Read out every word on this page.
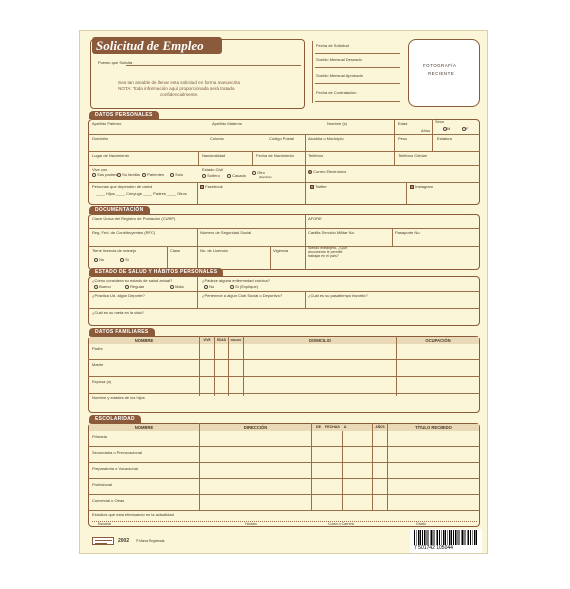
Solicitud de Empleo
Puesto que Solicita
Sea tan amable de llenar esta solicitud en forma manuscrita
NOTA: Toda información aquí proporcionada será tratada
confidencialmente.
Fecha de Solicitud
Sueldo Mensual Deseado
Sueldo Mensual Aprobado
Fecha de Contratación
FOTOGRAFÍA
RECIENTE
DATOS PERSONALES
Apellido Paterno	Apellido Materno	Nombre (s)	Edad	Sexo
Años	M	F
Domicilio	Colonia	Código Postal	Alcaldía o Municipio	Peso	Estatura
Lugar de Nacimiento	Nacionalidad	Fecha de Nacimiento	Teléfono	Teléfono Celular
Vive con
Sus padres	Su familia	Parientes	Solo
Estado Civil
Soltero	Casado
Otro
(Explicar)
Correo Electrónico
Personas que dependen de usted
____ Hijos ____ Cónyuge ____ Padres ____ Otros
Facebook	Twitter	Instagram
DOCUMENTACIÓN
Clave Única del Registro de Población (CURP)	AFORE
Reg. Fed. de Contribuyentes (RFC)	Número de Seguridad Social	Cartilla Servicio Militar No.	Pasaporte No.
Tiene licencia de manejo
No	Sí
Clase	No. de Licencia	Vigencia	Siendo extranjero, ¿Qué
documento le permite
trabajar en el país?
ESTADO DE SALUD Y HÁBITOS PERSONALES
¿Cómo considera su estado de salud actual?
Bueno	Regular	Malo
¿Padece alguna enfermedad crónica?
No	Sí (Explique)
¿Practica Ud. algún Deporte?	¿Pertenece a algún Club Social o Deportivo?	¿Cuál es su pasatiempo favorito?
¿Cuál es su meta en la vida?
DATOS FAMILIARES
NOMBRE	VIVE	EDAD	FINADO	DOMICILIO	OCUPACIÓN
Padre
Madre
Esposa (o)
Nombre y edades de los hijos
ESCOLARIDAD
NOMBRE	DIRECCIÓN	DE FECHAS A	AÑOS	TÍTULO RECIBIDO
Primaria
Secundaria o Prevocacional
Preparatoria o Vocacional
Profesional
Comercial u Otras
Estudios que esta efectuando en la actualidad
Escuela	Horario	Curso o Carrera	Grado
2002 ® Marca Registrada
7 501742 105044
